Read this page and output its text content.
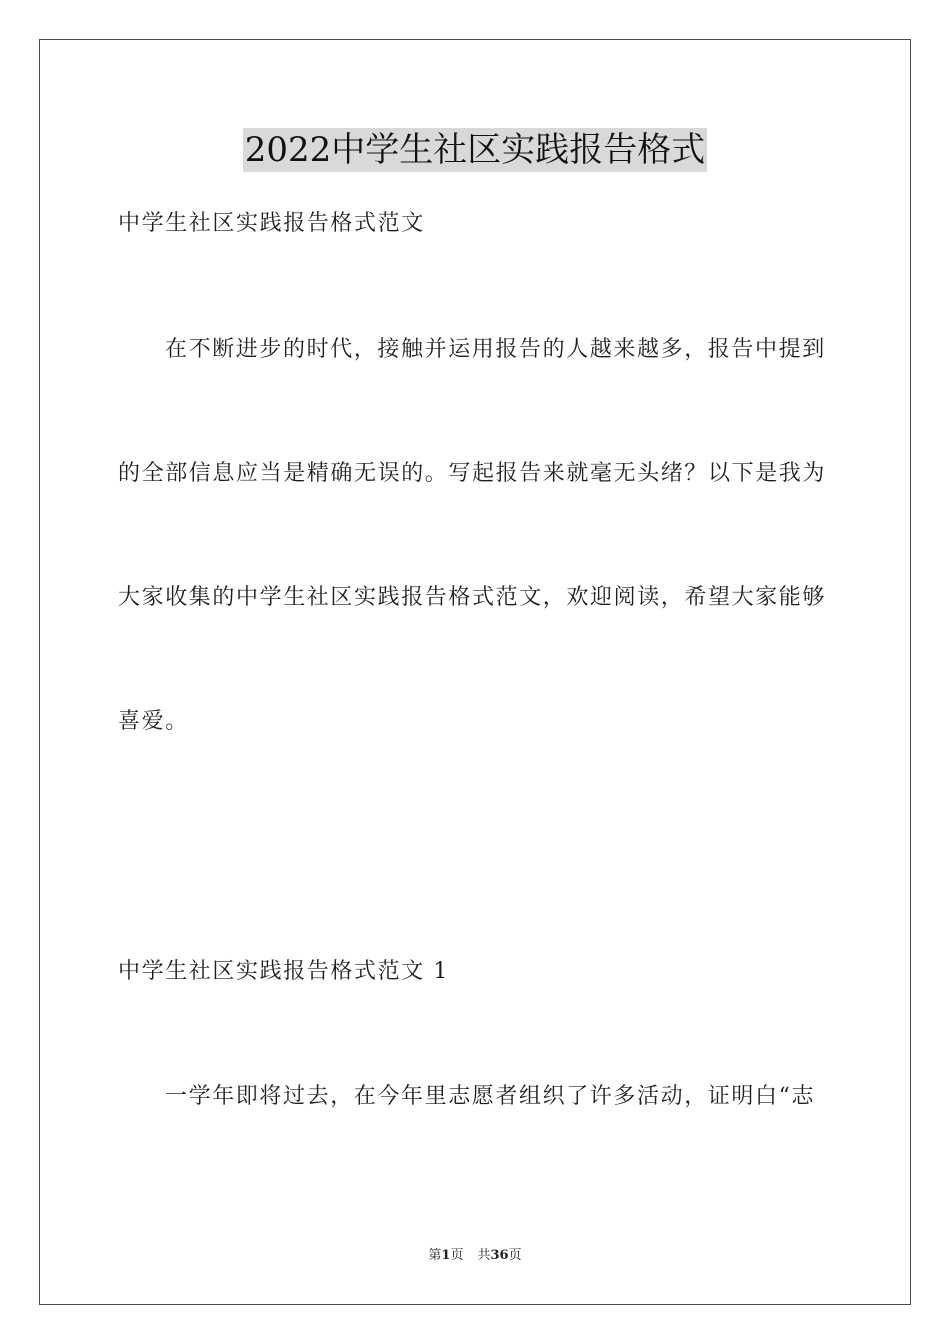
2022中学生社区实践报告格式
中学生社区实践报告格式范文
在不断进步的时代，接触并运用报告的人越来越多，报告中提到
的全部信息应当是精确无误的。写起报告来就毫无头绪？以下是我为
大家收集的中学生社区实践报告格式范文，欢迎阅读，希望大家能够
喜爱。
中学生社区实践报告格式范文 1
一学年即将过去，在今年里志愿者组织了许多活动，证明白“志
第1页 共36页
